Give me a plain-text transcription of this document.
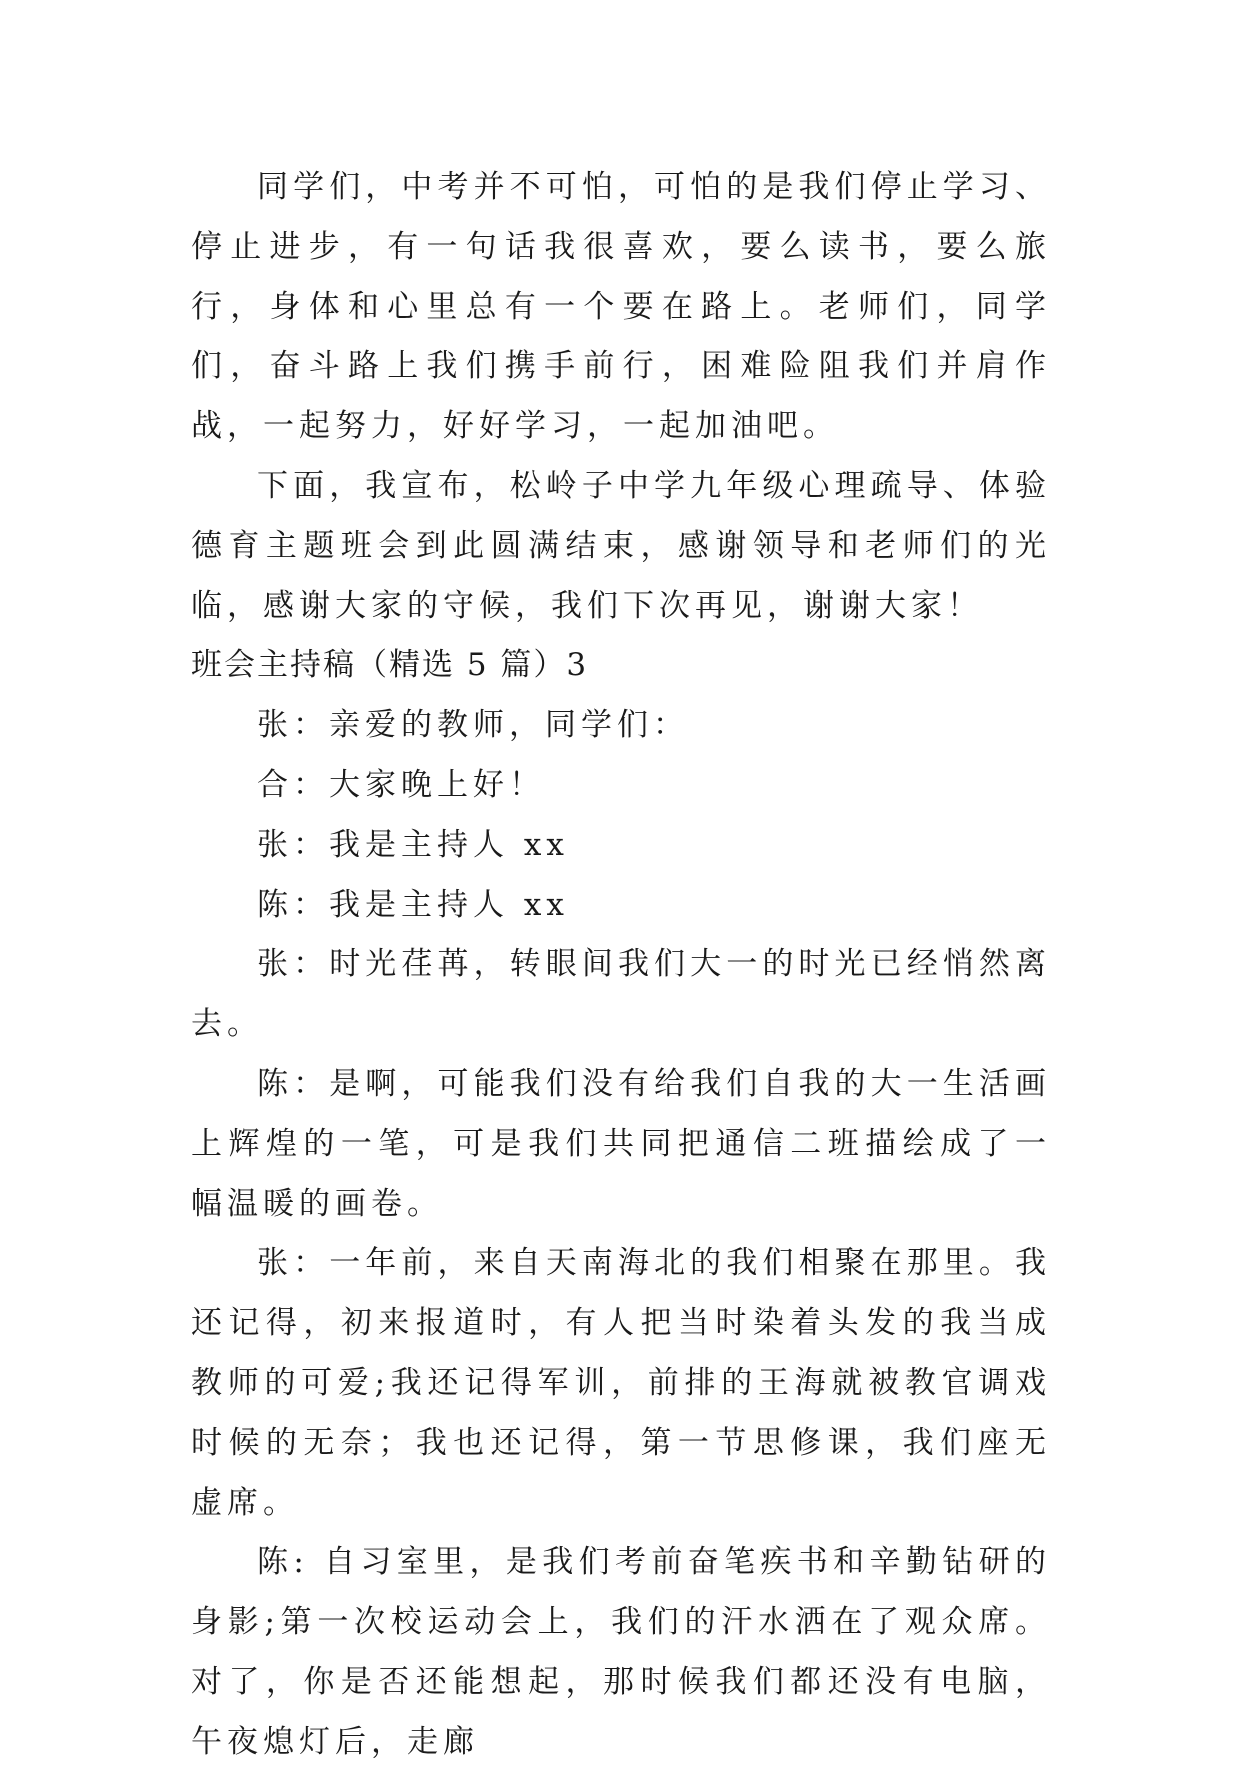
同学们，中考并不可怕，可怕的是我们停止学习、停止进步，有一句话我很喜欢，要么读书，要么旅行，身体和心里总有一个要在路上。老师们，同学们，奋斗路上我们携手前行，困难险阻我们并肩作战，一起努力，好好学习，一起加油吧。

下面，我宣布，松岭子中学九年级心理疏导、体验德育主题班会到此圆满结束，感谢领导和老师们的光临，感谢大家的守候，我们下次再见，谢谢大家！

班会主持稿（精选 5 篇）3

张：亲爱的教师，同学们：

合：大家晚上好！

张：我是主持人 xx

陈：我是主持人 xx

张：时光荏苒，转眼间我们大一的时光已经悄然离去。

陈：是啊，可能我们没有给我们自我的大一生活画上辉煌的一笔，可是我们共同把通信二班描绘成了一幅温暖的画卷。

张：一年前，来自天南海北的我们相聚在那里。我还记得，初来报道时，有人把当时染着头发的我当成教师的可爱;我还记得军训，前排的王海就被教官调戏时候的无奈；我也还记得，第一节思修课，我们座无虚席。

陈: 自习室里，是我们考前奋笔疾书和辛勤钻研的身影;第一次校运动会上，我们的汗水洒在了观众席。对了，你是否还能想起，那时候我们都还没有电脑，午夜熄灯后，走廊
